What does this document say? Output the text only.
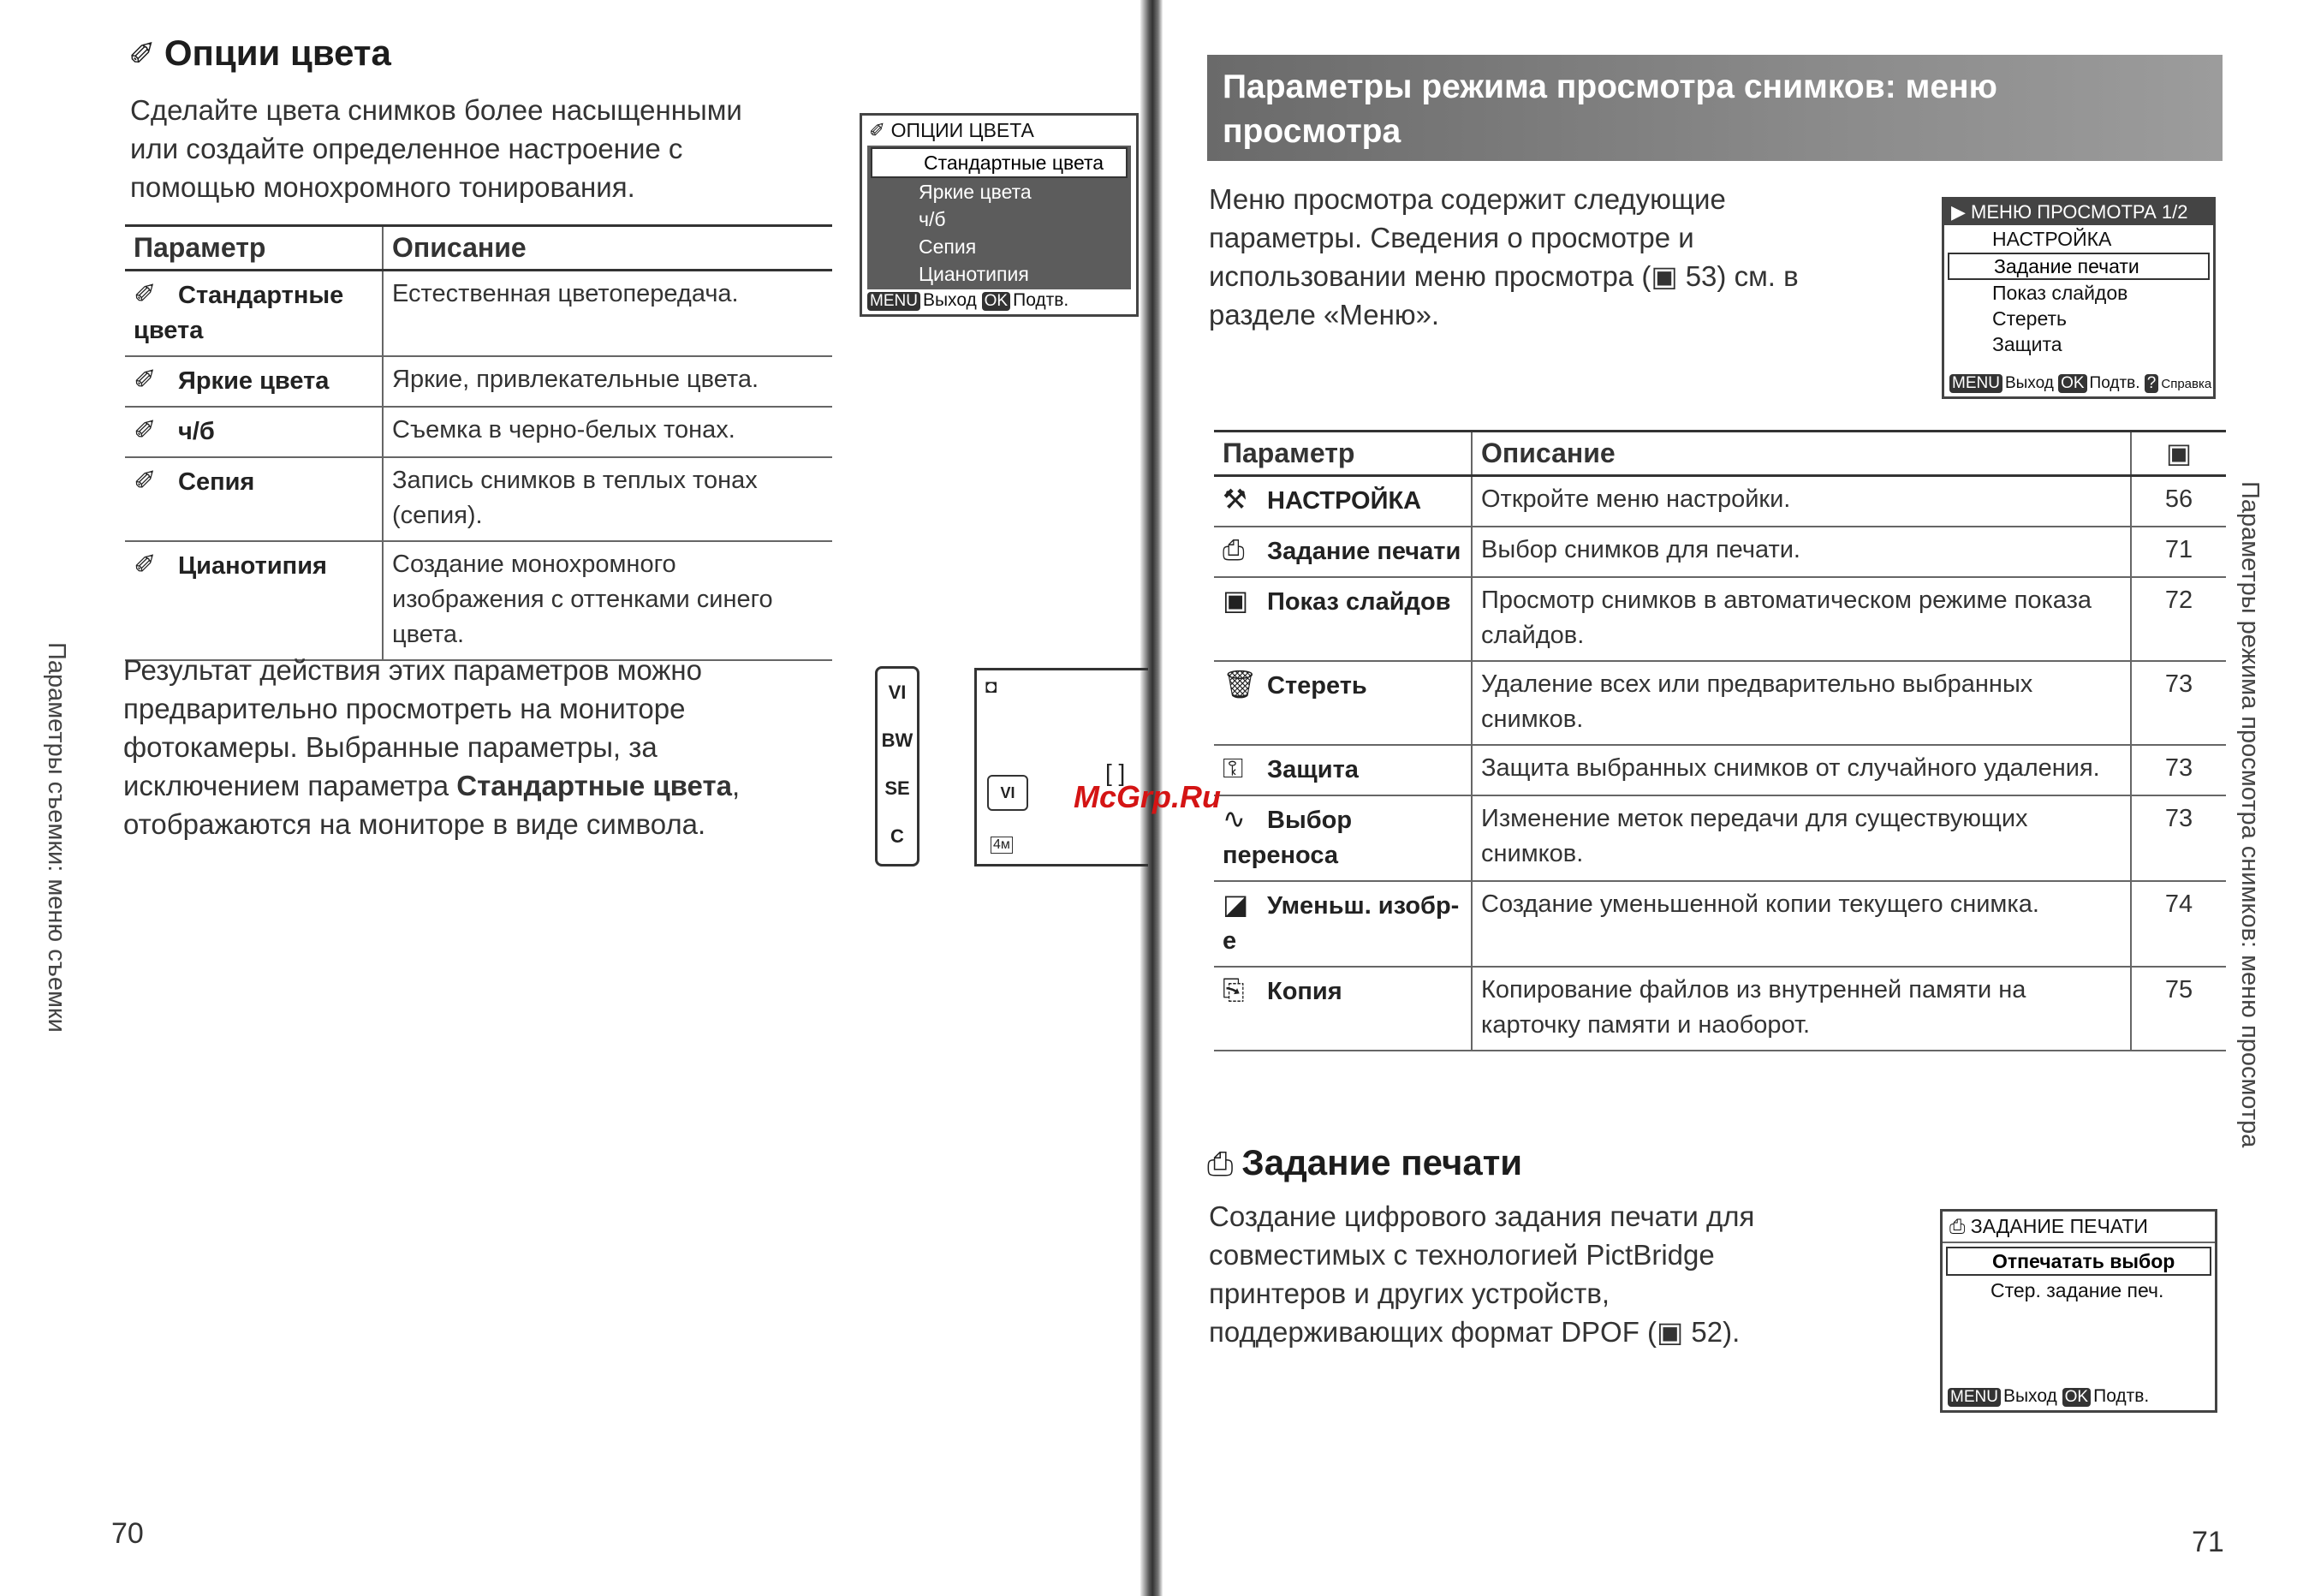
✐ Опции цвета
Сделайте цвета снимков более насыщенными
или создайте определенное настроение с
помощью монохромного тонирования.
Параметр	Описание
✐ Стандартные цвета	Естественная цветопередача.
✐ Яркие цвета	Яркие, привлекательные цвета.
✐ ч/б	Съемка в черно-белых тонах.
✐ Сепия	Запись снимков в теплых тонах (сепия).
✐ Цианотипия	Создание монохромного изображения с оттенками синего цвета.
Результат действия этих параметров можно
предварительно просмотреть на мониторе
фотокамеры. Выбранные параметры, за
исключением параметра Стандартные цвета,
отображаются на мониторе в виде символа.
✐ ОПЦИИ ЦВЕТА
Стандартные цвета
Яркие цвета
ч/б
Сепия
Цианотипия
MENU Выход OK Подтв.
VI
BW
SE
C
◘
VI
4м
[ ]
Параметры съемки: меню съемки
70
Параметры режима просмотра снимков: меню
просмотра
Меню просмотра содержит следующие
параметры. Сведения о просмотре и
использовании меню просмотра (▣ 53) см. в
разделе «Меню».
▶ МЕНЮ ПРОСМОТРА 1/2
НАСТРОЙКА
Задание печати
Показ слайдов
Стереть
Защита
MENU Выход OK Подтв. ? Справка
Параметр	Описание	▣
⚒ НАСТРОЙКА	Откройте меню настройки.	56
⎙ Задание печати	Выбор снимков для печати.	71
▣ Показ слайдов	Просмотр снимков в автоматическом режиме показа слайдов.	72
🗑 Стереть	Удаление всех или предварительно выбранных снимков.	73
⚿ Защита	Защита выбранных снимков от случайного удаления.	73
∿ Выбор переноса	Изменение меток передачи для существующих снимков.	73
◪ Уменьш. изобр-е	Создание уменьшенной копии текущего снимка.	74
⎘ Копия	Копирование файлов из внутренней памяти на карточку памяти и наоборот.	75
⎙ Задание печати
Создание цифрового задания печати для
совместимых с технологией PictBridge
принтеров и других устройств,
поддерживающих формат DPOF (▣ 52).
⎙ ЗАДАНИЕ ПЕЧАТИ
Отпечатать выбор
Стер. задание печ.
MENU Выход OK Подтв.
Параметры режима просмотра снимков: меню просмотра
71
McGrp.Ru
